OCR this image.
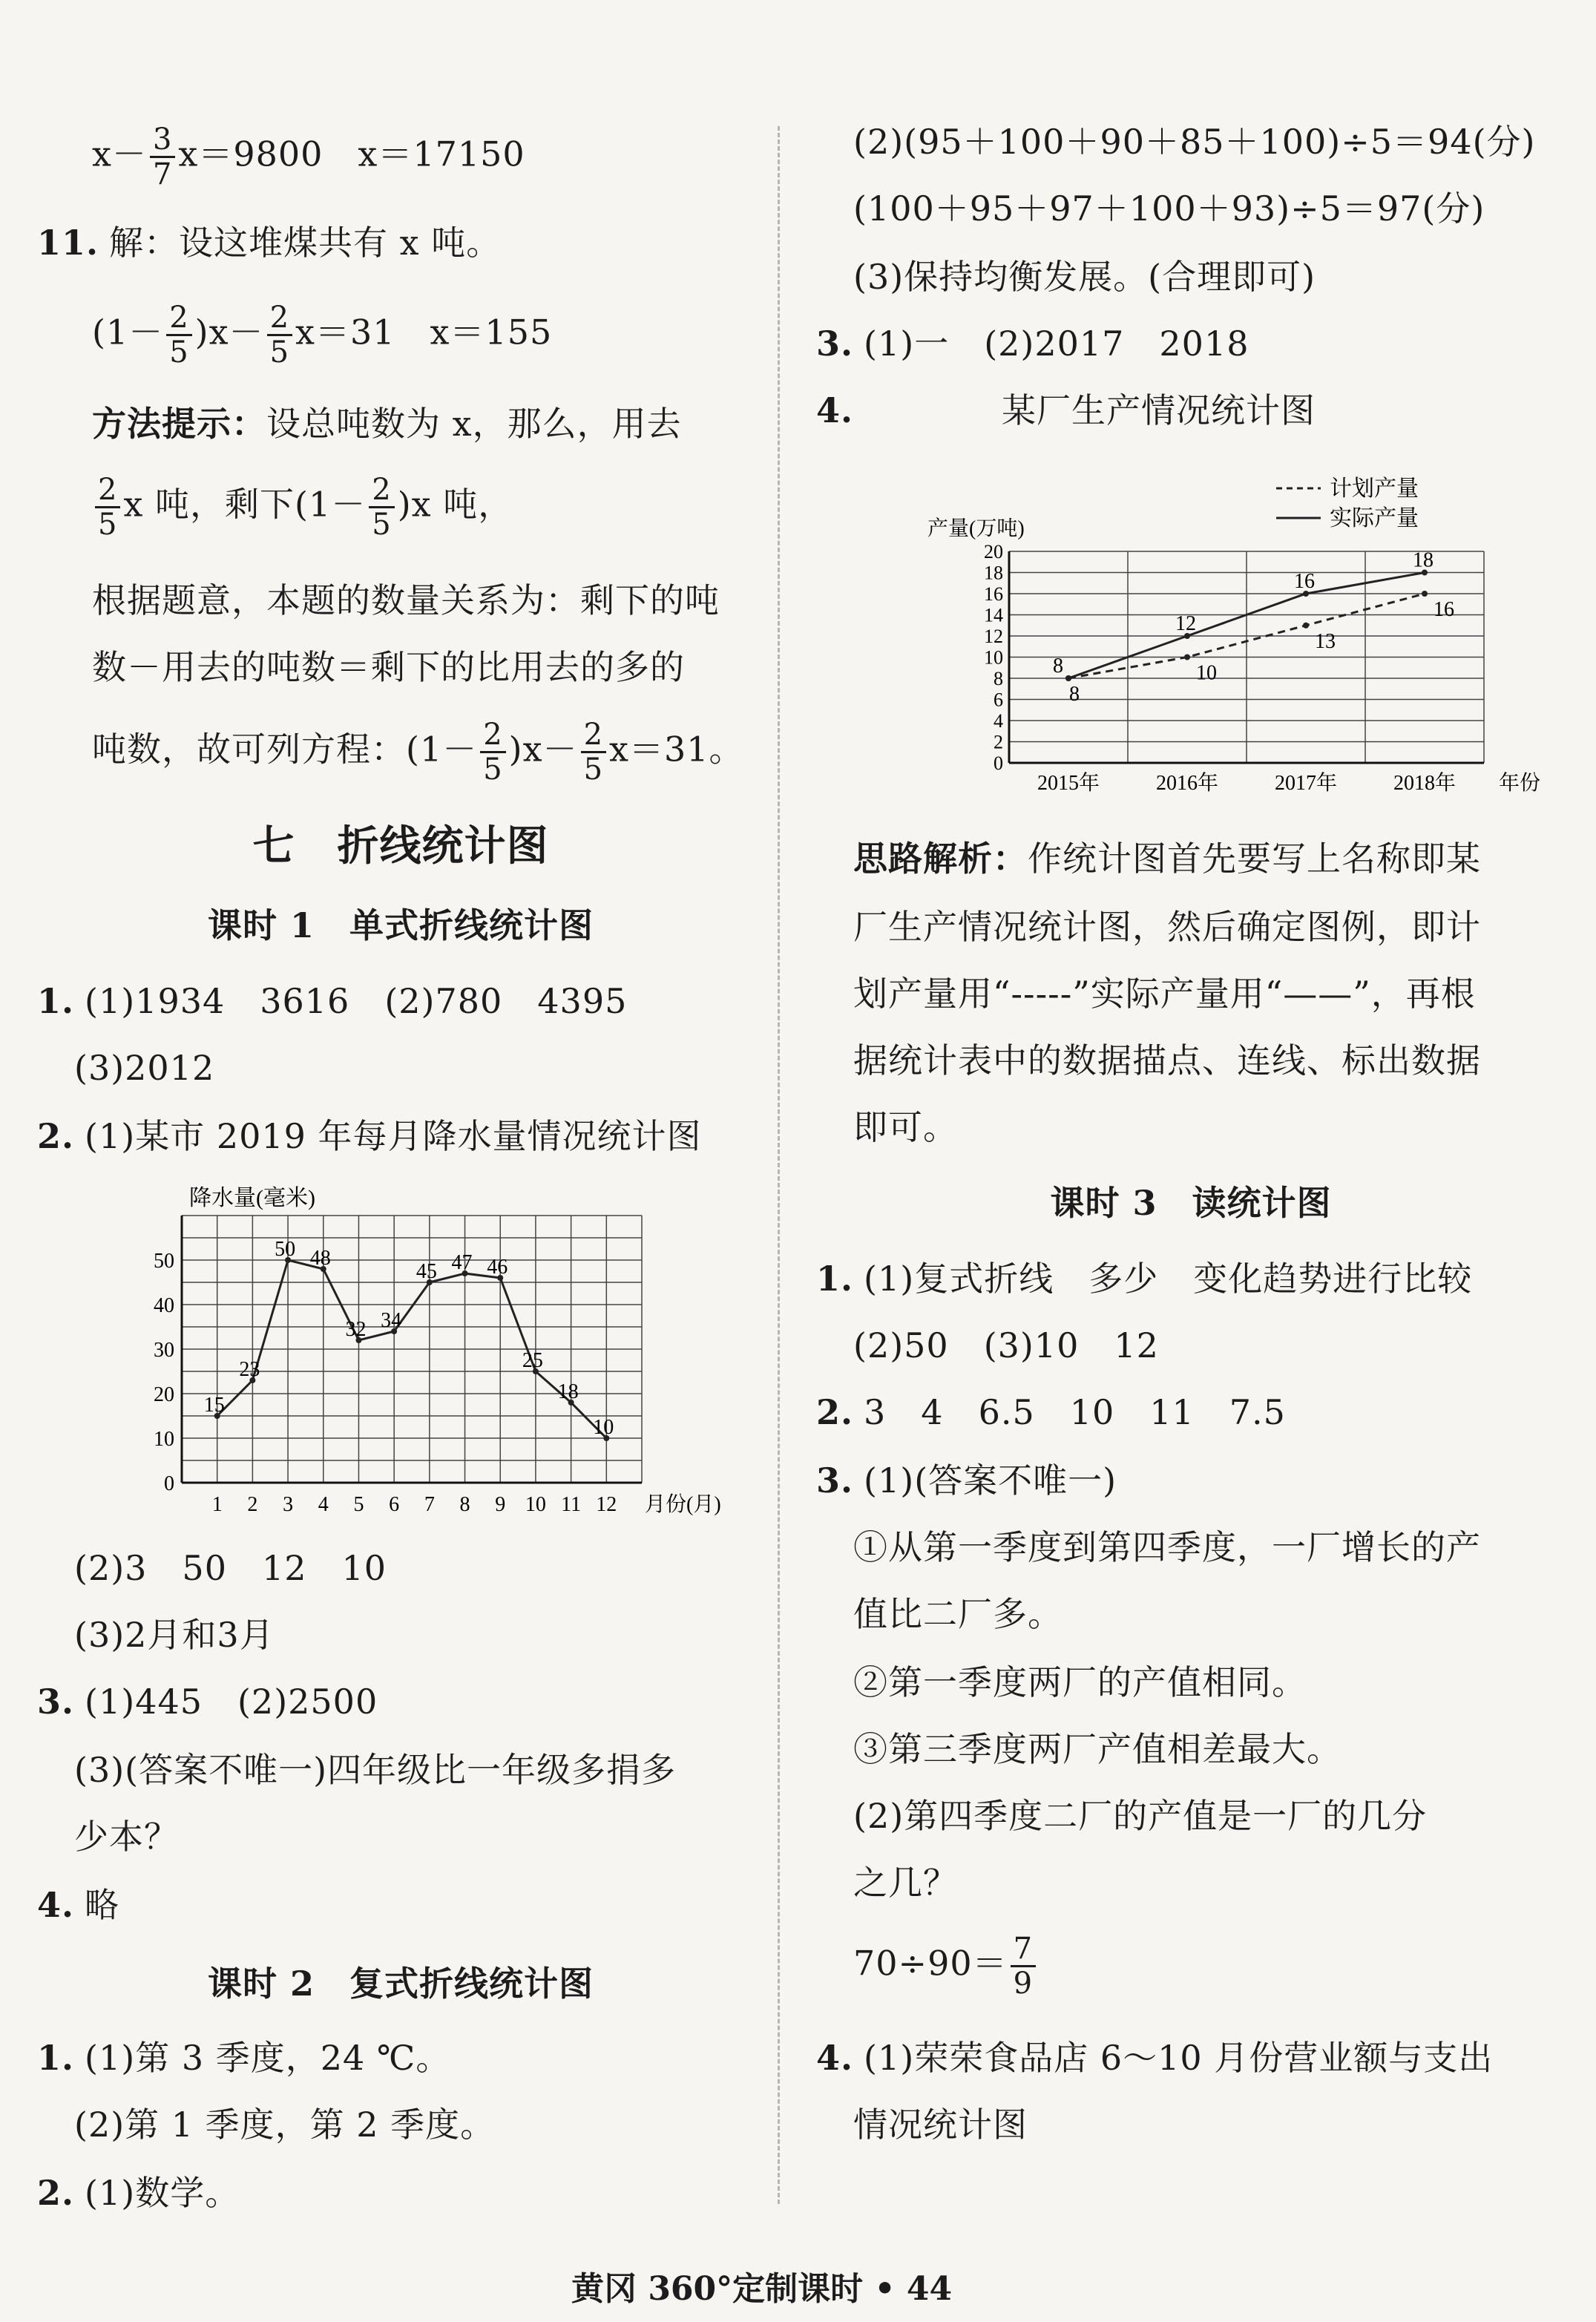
$x- \frac{3}{7} x=9800$　x＝17150
11. 解：设这堆煤共有 x 吨。
$(1- \frac{2}{5} )x- \frac{2}{5} x=31$　x＝155
方法提示：设总吨数为 x，那么，用去
$\frac{2}{5}$ x 吨，剩下$(1- \frac{2}{5} )x$ 吨，
根据题意，本题的数量关系为：剩下的吨
数－用去的吨数＝剩下的比用去的多的
吨数，故可列方程：$(1- \frac{2}{5} )x- \frac{2}{5} x=31$。
七　折线统计图
课时 1　单式折线统计图
1. (1)1934　3616　(2)780　4395
(3)2012
2. (1)某市 2019 年每月降水量情况统计图
0
10
20
30
40
50
降水量(毫米)
1 2 3 4 5 6 7 8 9 10 11 12 月份(月)
15
23
50 48
32 34
45 47 46
25
18
10
(2)3　50　12　10
(3)2月和3月
3. (1)445　(2)2500
(3)(答案不唯一)四年级比一年级多捐多
少本？
4. 略
课时 2　复式折线统计图
1. (1)第 3 季度，24 ℃。
(2)第 1 季度，第 2 季度。
2. (1)数学。
(2)(95＋100＋90＋85＋100)÷5＝94(分)
(100＋95＋97＋100＋93)÷5＝97(分)
(3)保持均衡发展。(合理即可)
3. (1)一　(2)2017　2018
4.	某厂生产情况统计图
0
2
4
6
8
10
12
14
16
18
20
产量(万吨)
2015年	2016年	2017年	2018年 年份
8
10
13
16
8
12
16
18
计划产量
实际产量
思路解析：作统计图首先要写上名称即某
厂生产情况统计图，然后确定图例，即计
划产量用“-----”实际产量用“——”，再根
据统计表中的数据描点、连线、标出数据
即可。
课时 3　读统计图
1. (1)复式折线　多少　变化趋势进行比较
(2)50　(3)10　12
2. 3　4　6.5　10　11　7.5
3. (1)(答案不唯一)
①从第一季度到第四季度，一厂增长的产
值比二厂多。
②第一季度两厂的产值相同。
③第三季度两厂产值相差最大。
(2)第四季度二厂的产值是一厂的几分
之几？
$70\div 90= \frac{7}{9}$
4. (1)荣荣食品店 6～10 月份营业额与支出
情况统计图
黄冈 360°定制课时 • 44
